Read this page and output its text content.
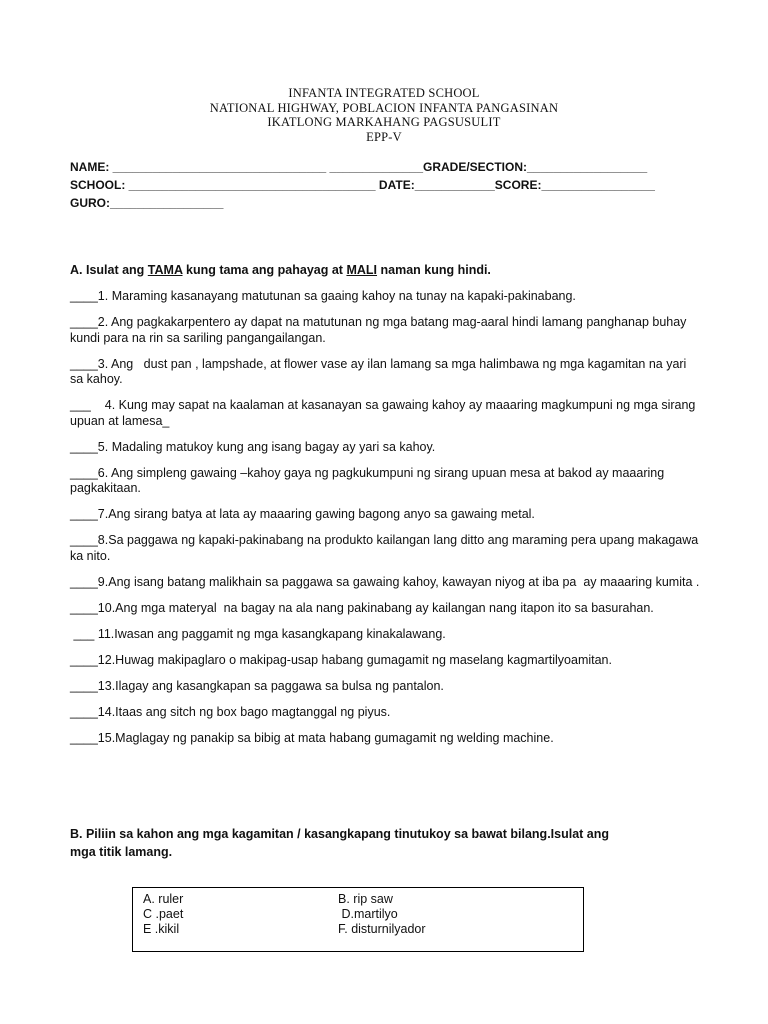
INFANTA INTEGRATED SCHOOL
NATIONAL HIGHWAY, POBLACION INFANTA PANGASINAN
IKATLONG MARKAHANG PAGSUSULIT
EPP-V
NAME: ________________________________ ______________GRADE/SECTION:__________________
SCHOOL: _____________________________________ DATE:____________SCORE:_________________
GURO:_________________
A. Isulat ang TAMA kung tama ang pahayag at MALI naman kung hindi.
____1. Maraming kasanayang matutunan sa gaaing kahoy na tunay na kapaki-pakinabang.
____2. Ang pagkakarpentero ay dapat na matutunan ng mga batang mag-aaral hindi lamang panghanap buhay kundi para na rin sa sariling pangangailangan.
____3. Ang   dust pan , lampshade, at flower vase ay ilan lamang sa mga halimbawa ng mga kagamitan na yari sa kahoy.
___    4. Kung may sapat na kaalaman at kasanayan sa gawaing kahoy ay maaaring magkumpuni ng mga sirang upuan at lamesa_
____5. Madaling matukoy kung ang isang bagay ay yari sa kahoy.
____6. Ang simpleng gawaing –kahoy gaya ng pagkukumpuni ng sirang upuan mesa at bakod ay maaaring pagkakitaan.
____7.Ang sirang batya at lata ay maaaring gawing bagong anyo sa gawaing metal.
____8.Sa paggawa ng kapaki-pakinabang na produkto kailangan lang ditto ang maraming pera upang makagawa ka nito.
____9.Ang isang batang malikhain sa paggawa sa gawaing kahoy, kawayan niyog at iba pa  ay maaaring kumita .
____10.Ang mga materyal  na bagay na ala nang pakinabang ay kailangan nang itapon ito sa basurahan.
___ 11.Iwasan ang paggamit ng mga kasangkapang kinakalawang.
____12.Huwag makipaglaro o makipag-usap habang gumagamit ng maselang kagmartilyoamitan.
____13.Ilagay ang kasangkapan sa paggawa sa bulsa ng pantalon.
____14.Itaas ang sitch ng box bago magtanggal ng piyus.
____15.Maglagay ng panakip sa bibig at mata habang gumagamit ng welding machine.
B. Piliin sa kahon ang mga kagamitan / kasangkapang tinutukoy sa bawat bilang.Isulat ang
mga titik lamang.
A. ruler
C .paet
E .kikil
B. rip saw
D.martilyo
F. disturnilyador
